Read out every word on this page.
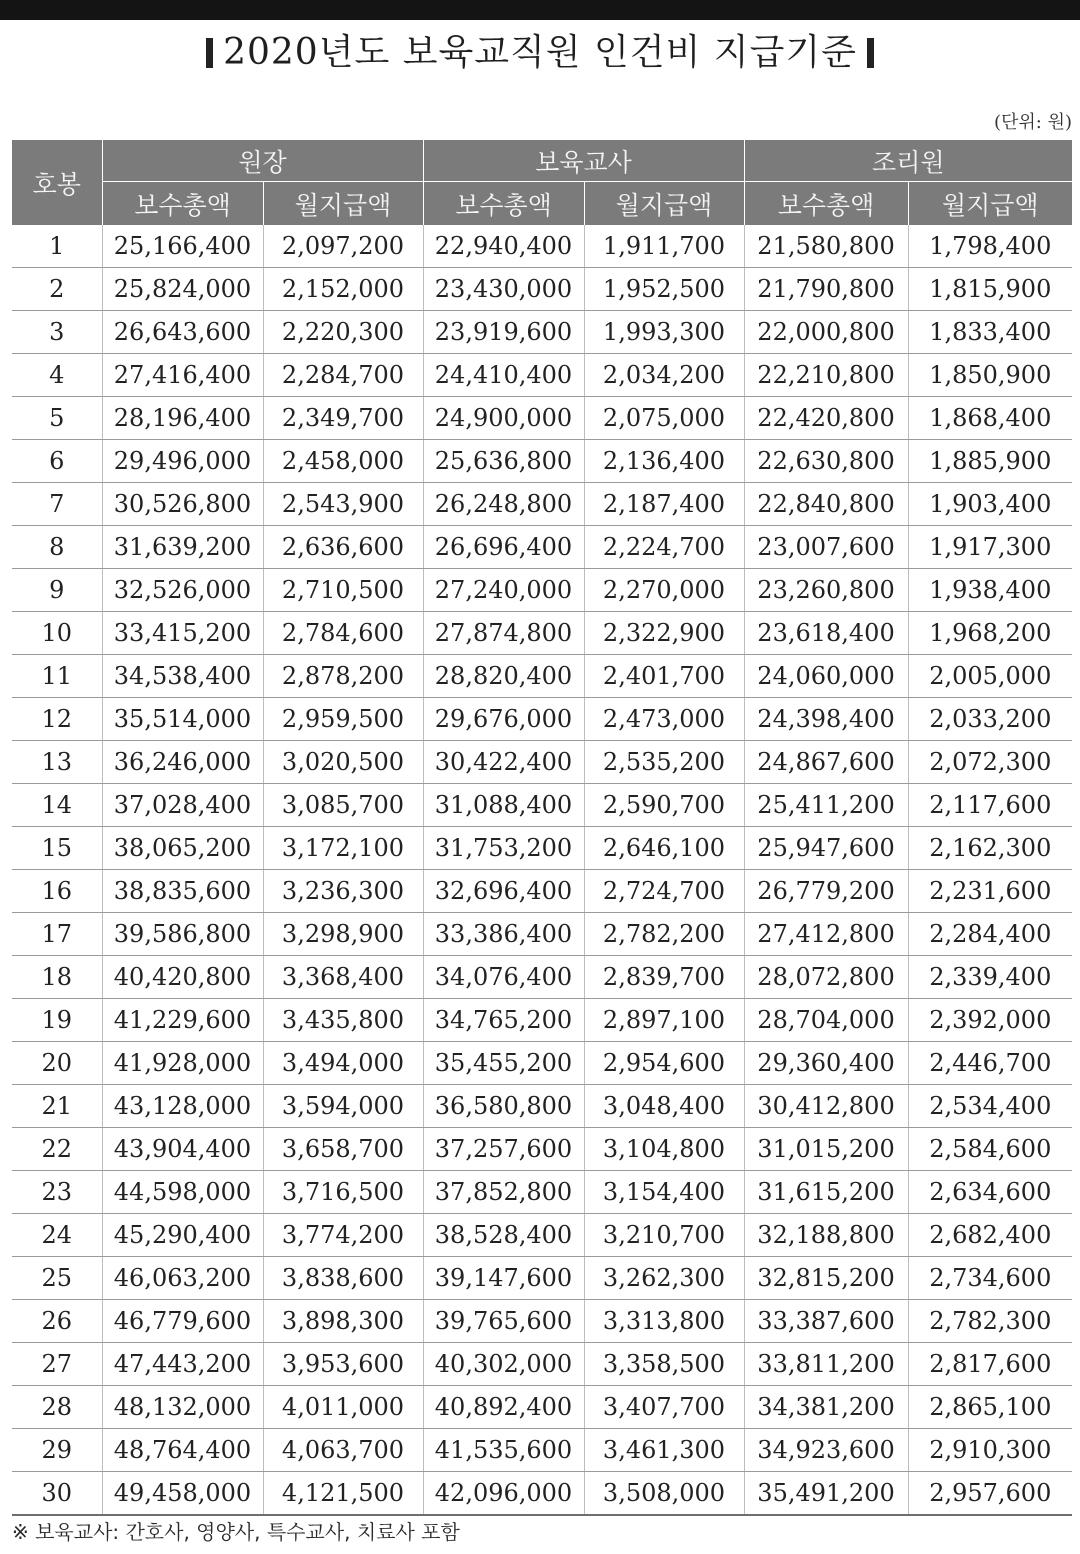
2020년도 보육교직원 인건비 지급기준
(단위: 원)
호봉	원장		보육교사		조리원	
	보수총액	월지급액	보수총액	월지급액	보수총액	월지급액
1	25,166,400	2,097,200	22,940,400	1,911,700	21,580,800	1,798,400
2	25,824,000	2,152,000	23,430,000	1,952,500	21,790,800	1,815,900
3	26,643,600	2,220,300	23,919,600	1,993,300	22,000,800	1,833,400
4	27,416,400	2,284,700	24,410,400	2,034,200	22,210,800	1,850,900
5	28,196,400	2,349,700	24,900,000	2,075,000	22,420,800	1,868,400
6	29,496,000	2,458,000	25,636,800	2,136,400	22,630,800	1,885,900
7	30,526,800	2,543,900	26,248,800	2,187,400	22,840,800	1,903,400
8	31,639,200	2,636,600	26,696,400	2,224,700	23,007,600	1,917,300
9	32,526,000	2,710,500	27,240,000	2,270,000	23,260,800	1,938,400
10	33,415,200	2,784,600	27,874,800	2,322,900	23,618,400	1,968,200
11	34,538,400	2,878,200	28,820,400	2,401,700	24,060,000	2,005,000
12	35,514,000	2,959,500	29,676,000	2,473,000	24,398,400	2,033,200
13	36,246,000	3,020,500	30,422,400	2,535,200	24,867,600	2,072,300
14	37,028,400	3,085,700	31,088,400	2,590,700	25,411,200	2,117,600
15	38,065,200	3,172,100	31,753,200	2,646,100	25,947,600	2,162,300
16	38,835,600	3,236,300	32,696,400	2,724,700	26,779,200	2,231,600
17	39,586,800	3,298,900	33,386,400	2,782,200	27,412,800	2,284,400
18	40,420,800	3,368,400	34,076,400	2,839,700	28,072,800	2,339,400
19	41,229,600	3,435,800	34,765,200	2,897,100	28,704,000	2,392,000
20	41,928,000	3,494,000	35,455,200	2,954,600	29,360,400	2,446,700
21	43,128,000	3,594,000	36,580,800	3,048,400	30,412,800	2,534,400
22	43,904,400	3,658,700	37,257,600	3,104,800	31,015,200	2,584,600
23	44,598,000	3,716,500	37,852,800	3,154,400	31,615,200	2,634,600
24	45,290,400	3,774,200	38,528,400	3,210,700	32,188,800	2,682,400
25	46,063,200	3,838,600	39,147,600	3,262,300	32,815,200	2,734,600
26	46,779,600	3,898,300	39,765,600	3,313,800	33,387,600	2,782,300
27	47,443,200	3,953,600	40,302,000	3,358,500	33,811,200	2,817,600
28	48,132,000	4,011,000	40,892,400	3,407,700	34,381,200	2,865,100
29	48,764,400	4,063,700	41,535,600	3,461,300	34,923,600	2,910,300
30	49,458,000	4,121,500	42,096,000	3,508,000	35,491,200	2,957,600
※ 보육교사: 간호사, 영양사, 특수교사, 치료사 포함
